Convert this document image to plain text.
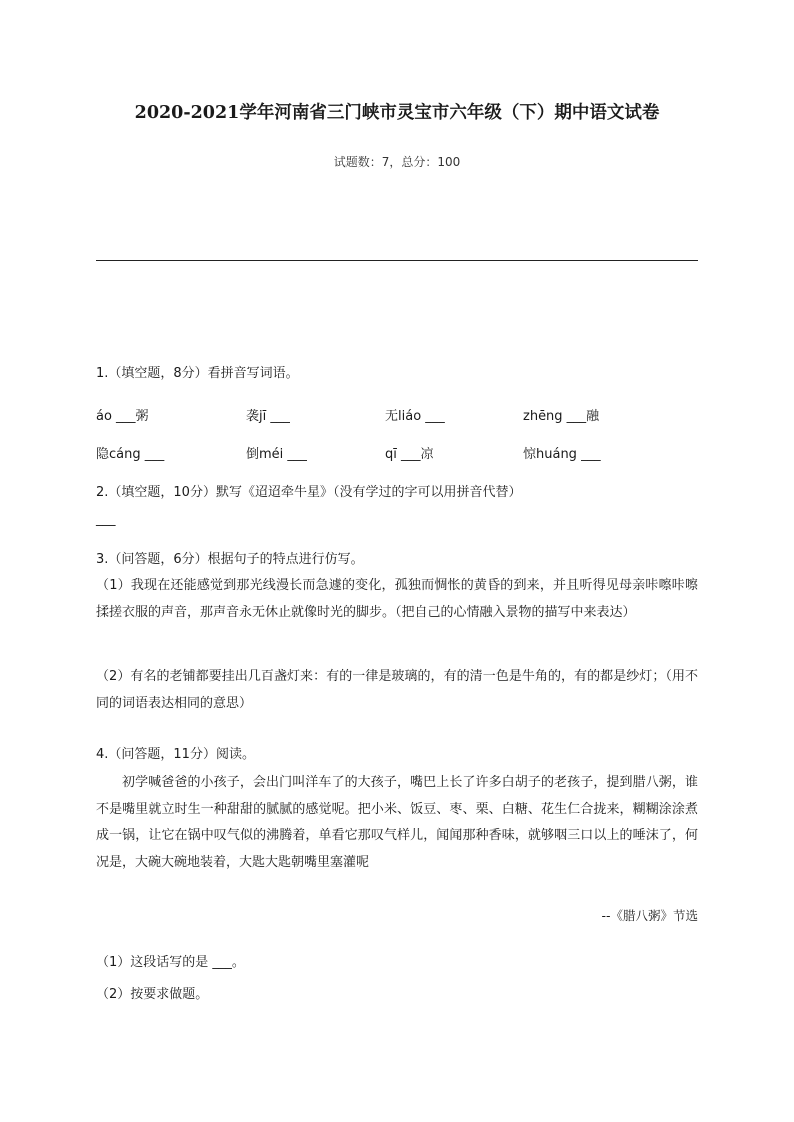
2020-2021学年河南省三门峡市灵宝市六年级（下）期中语文试卷
试题数：7，总分：100
1.（填空题，8分）看拼音写词语。
áo ___粥	袭jī ___	无liáo ___	zhēng ___融
隐cáng ___	倒méi ___	qī ___凉	惊huáng ___
2.（填空题，10分）默写《迢迢牵牛星》（没有学过的字可以用拼音代替）
___
3.（问答题，6分）根据句子的特点进行仿写。
（1）我现在还能感觉到那光线漫长而急遽的变化，孤独而惆怅的黄昏的到来，并且听得见母亲咔嚓咔嚓揉搓衣服的声音，那声音永无休止就像时光的脚步。（把自己的心情融入景物的描写中来表达）
（2）有名的老铺都要挂出几百盏灯来：有的一律是玻璃的，有的清一色是牛角的，有的都是纱灯；（用不同的词语表达相同的意思）
4.（问答题，11分）阅读。
初学喊爸爸的小孩子，会出门叫洋车了的大孩子，嘴巴上长了许多白胡子的老孩子，提到腊八粥，谁不是嘴里就立时生一种甜甜的腻腻的感觉呢。把小米、饭豆、枣、栗、白糖、花生仁合拢来，糊糊涂涂煮成一锅，让它在锅中叹气似的沸腾着，单看它那叹气样儿，闻闻那种香味，就够咽三口以上的唾沫了，何况是，大碗大碗地装着，大匙大匙朝嘴里塞灌呢
--《腊八粥》节选
（1）这段话写的是 ___。
（2）按要求做题。
